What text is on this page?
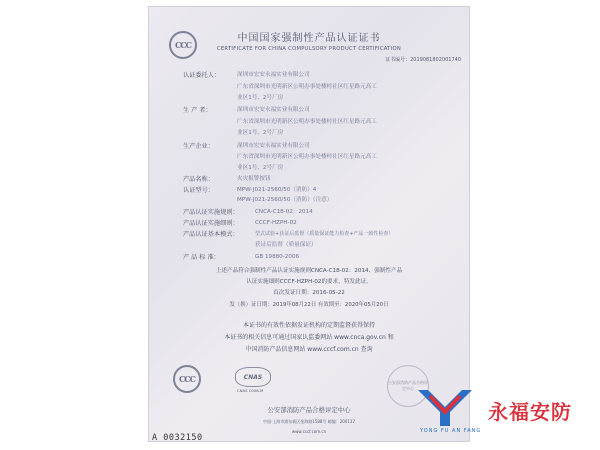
CCC
中国国家强制性产品认证证书
CERTIFICATE FOR CHINA COMPULSORY PRODUCT CERTIFICATION
证书编号：2019081802001740
认证委托人：	深圳市宏安永福实业有限公司
广东省深圳市光明新区公明办事处楼村社区红星路元高工
业区1号、2号厂房
生 产 者：	深圳市宏安永福实业有限公司
广东省深圳市光明新区公明办事处楼村社区红星路元高工
业区1号、2号厂房
生产企业：	深圳市宏安永福实业有限公司
广东省深圳市光明新区公明办事处楼村社区红星路元高工
业区1号、2号厂房
产品名称：	火灾报警按钮
认证型号：	MPW-J021-2560/50（消防）4
MPW-J021-2560/50（消防）（注意）
产品认证实施规则：	CNCA-C18-02：2014
产品认证实施细则：	CCCF-HZPH-02
产品认证基本模式：	型式试验+获证后监督（质量保证能力检查+产品一致性检查）
获证后监督（质量保证）
产 品 标 准：	GB 19880-2006
上述产品符合强制性产品认证实施规则CNCA-C18-02：2014、强制性产品
认证实施细则CCCF-HZPH-02的要求，特发此证。
首次发证日期：2016-05-22
发（换）证日期：2019年08月22日 有效期至：2020年05月20日
本证书的有效性依据发证机构的定期监督获得保持
本证书的相关信息可通过国家认监委网站 www.cnca.gov.cn 和
中国消防产品信息网站 www.cccf.com.cn 查询
CCC	CNAS
CNAS C008-M
公安部消防产品合格评定中心
公安部消防产品合格评定中心
中国·上海市浦东新区金海路1588号 邮编：200137
www.cccf.com.cn
A 0032150
YONG FU AN FANG
永福安防
